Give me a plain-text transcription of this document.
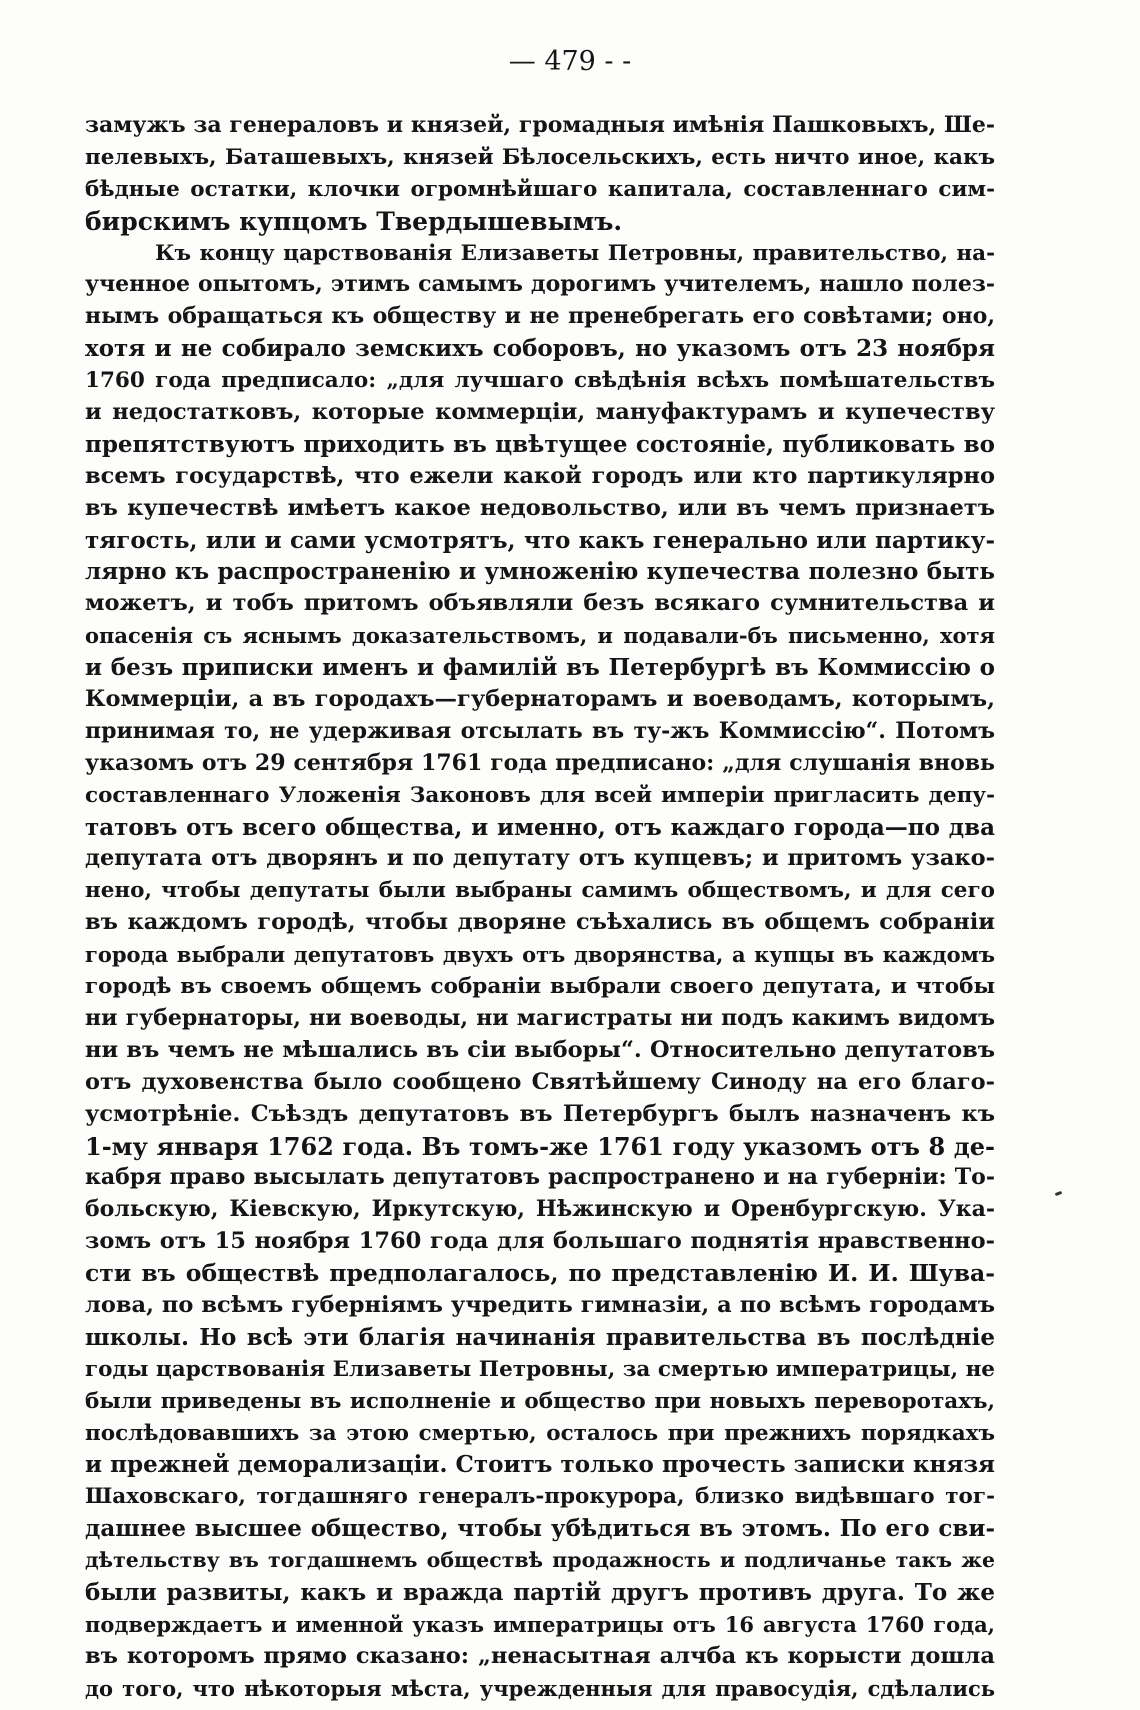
— 479 - -
замужъ за генераловъ и князей, громадныя имѣнія Пашковыхъ, Ше-
пелевыхъ, Баташевыхъ, князей Бѣлосельскихъ, есть ничто иное, какъ
бѣдные остатки, клочки огромнѣйшаго капитала, составленнаго сим-
бирскимъ купцомъ Твердышевымъ.
Къ концу царствованія Елизаветы Петровны, правительство, на-
ученное опытомъ, этимъ самымъ дорогимъ учителемъ, нашло полез-
нымъ обращаться къ обществу и не пренебрегать его совѣтами; оно,
хотя и не собирало земскихъ соборовъ, но указомъ отъ 23 ноября
1760 года предписало: „для лучшаго свѣдѣнія всѣхъ помѣшательствъ
и недостатковъ, которые коммерціи, мануфактурамъ и купечеству
препятствуютъ приходить въ цвѣтущее состояніе, публиковать во
всемъ государствѣ, что ежели какой городъ или кто партикулярно
въ купечествѣ имѣетъ какое недовольство, или въ чемъ признаетъ
тягость, или и сами усмотрятъ, что какъ генерально или партику-
лярно къ распространенію и умноженію купечества полезно быть
можетъ, и тобъ притомъ объявляли безъ всякаго сумнительства и
опасенія съ яснымъ доказательствомъ, и подавали-бъ письменно, хотя
и безъ приписки именъ и фамилій въ Петербургѣ въ Коммиссію о
Коммерціи, а въ городахъ—губернаторамъ и воеводамъ, которымъ,
принимая то, не удерживая отсылать въ ту-жъ Коммиссію“. Потомъ
указомъ отъ 29 сентября 1761 года предписано: „для слушанія вновь
составленнаго Уложенія Законовъ для всей имперіи пригласить депу-
татовъ отъ всего общества, и именно, отъ каждаго города—по два
депутата отъ дворянъ и по депутату отъ купцевъ; и притомъ узако-
нено, чтобы депутаты были выбраны самимъ обществомъ, и для сего
въ каждомъ городѣ, чтобы дворяне съѣхались въ общемъ собраніи
города выбрали депутатовъ двухъ отъ дворянства, а купцы въ каждомъ
городѣ въ своемъ общемъ собраніи выбрали своего депутата, и чтобы
ни губернаторы, ни воеводы, ни магистраты ни подъ какимъ видомъ
ни въ чемъ не мѣшались въ сіи выборы“. Относительно депутатовъ
отъ духовенства было сообщено Святѣйшему Синоду на его благо-
усмотрѣніе. Съѣздъ депутатовъ въ Петербургъ былъ назначенъ къ
1-му января 1762 года. Въ томъ-же 1761 году указомъ отъ 8 де-
кабря право высылать депутатовъ распространено и на губерніи: То-
больскую, Кіевскую, Иркутскую, Нѣжинскую и Оренбургскую. Ука-
зомъ отъ 15 ноября 1760 года для большаго поднятія нравственно-
сти въ обществѣ предполагалось, по представленію И. И. Шува-
лова, по всѣмъ губерніямъ учредить гимназіи, а по всѣмъ городамъ
школы. Но всѣ эти благія начинанія правительства въ послѣдніе
годы царствованія Елизаветы Петровны, за смертью императрицы, не
были приведены въ исполненіе и общество при новыхъ переворотахъ,
послѣдовавшихъ за этою смертью, осталось при прежнихъ порядкахъ
и прежней деморализаціи. Стоитъ только прочесть записки князя
Шаховскаго, тогдашняго генералъ-прокурора, близко видѣвшаго тог-
дашнее высшее общество, чтобы убѣдиться въ этомъ. По его сви-
дѣтельству въ тогдашнемъ обществѣ продажность и подличанье такъ же
были развиты, какъ и вражда партій другъ противъ друга. То же
подверждаетъ и именной указъ императрицы отъ 16 августа 1760 года,
въ которомъ прямо сказано: „ненасытная алчба къ корысти дошла
до того, что нѣкоторыя мѣста, учрежденныя для правосудія, сдѣлались
